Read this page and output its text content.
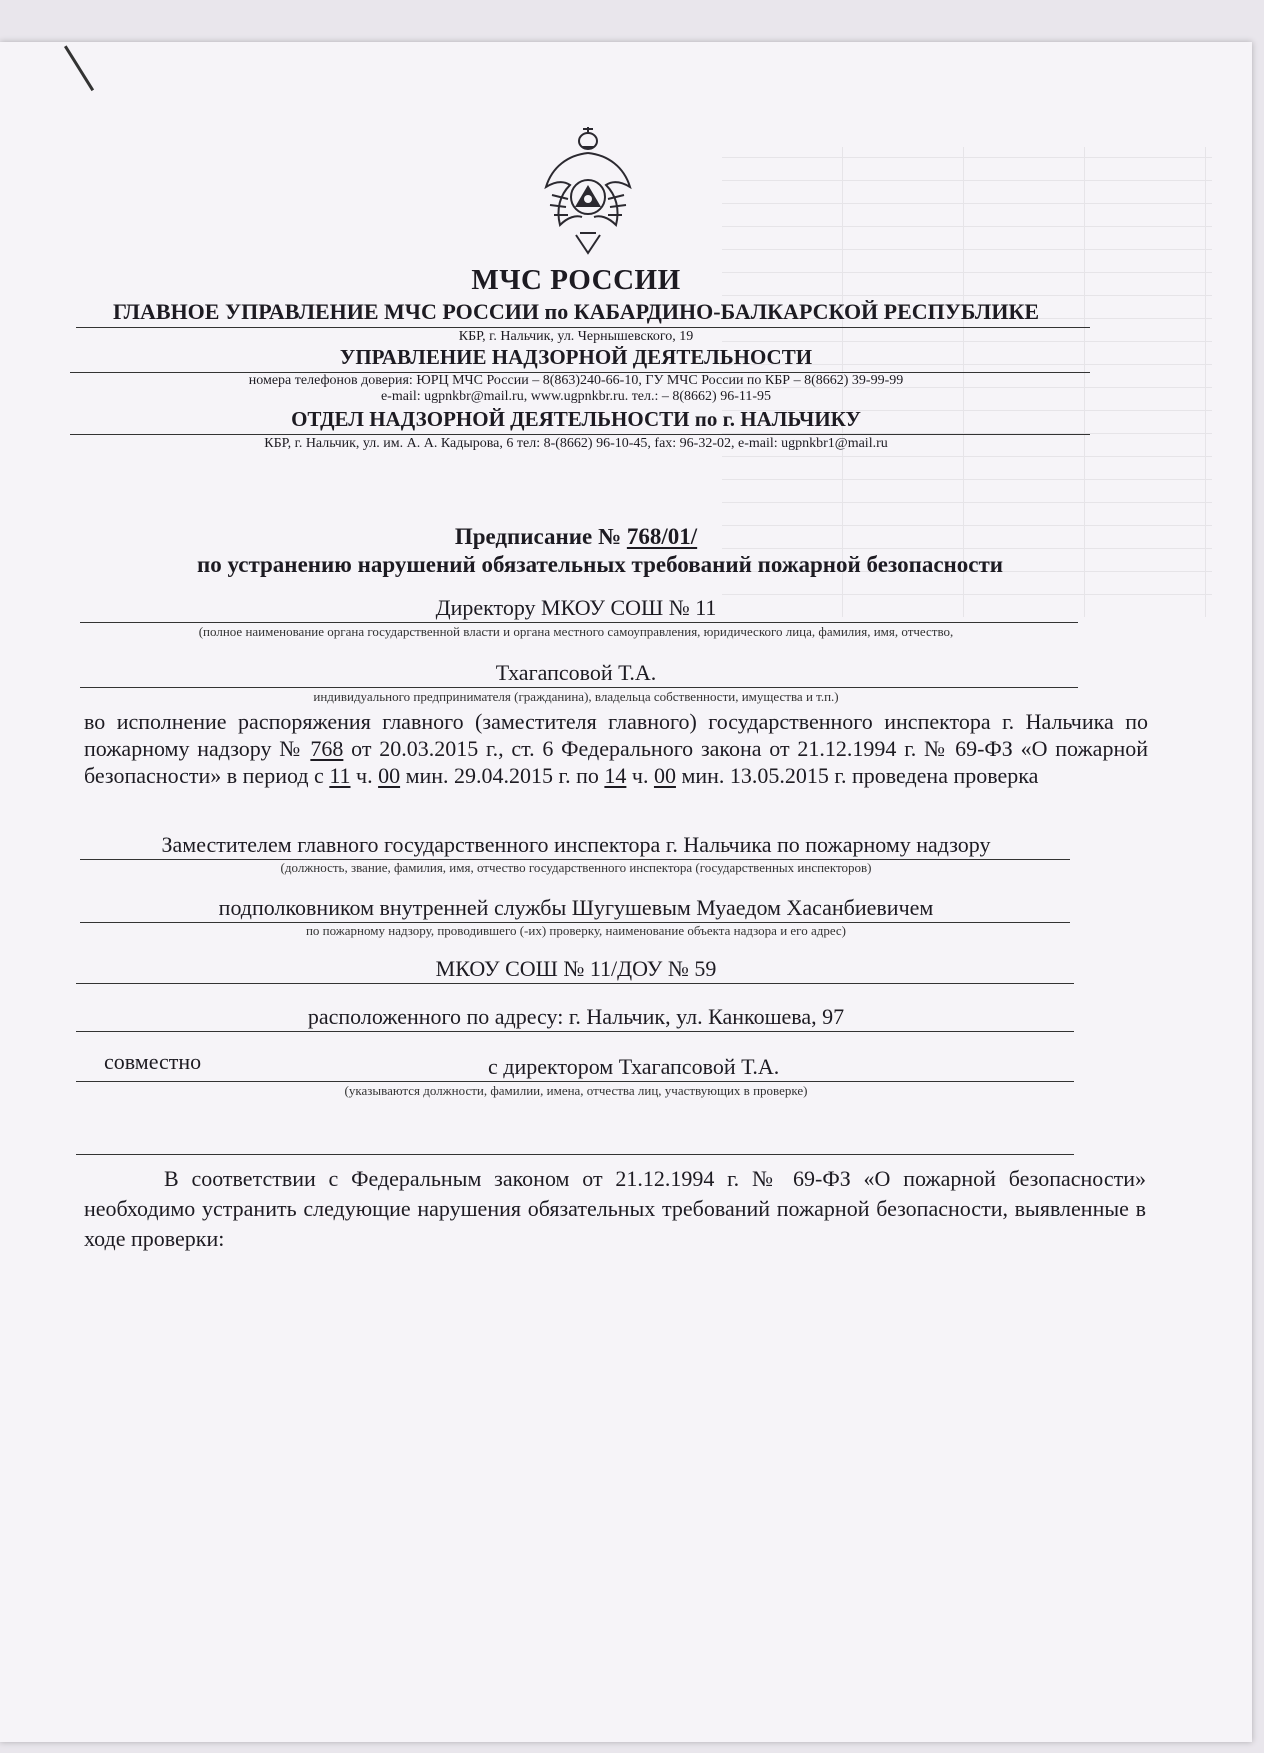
МЧС РОССИИ
ГЛАВНОЕ УПРАВЛЕНИЕ МЧС РОССИИ по КАБАРДИНО-БАЛКАРСКОЙ РЕСПУБЛИКЕ
КБР, г. Нальчик, ул. Чернышевского, 19
УПРАВЛЕНИЕ НАДЗОРНОЙ ДЕЯТЕЛЬНОСТИ
номера телефонов доверия: ЮРЦ МЧС России – 8(863)240-66-10, ГУ МЧС России по КБР – 8(8662) 39-99-99
e-mail: ugpnkbr@mail.ru, www.ugpnkbr.ru. тел.: – 8(8662) 96-11-95
ОТДЕЛ НАДЗОРНОЙ ДЕЯТЕЛЬНОСТИ по г. НАЛЬЧИКУ
КБР, г. Нальчик, ул. им. А. А. Кадырова, 6 тел: 8-(8662) 96-10-45, fax: 96-32-02, e-mail: ugpnkbr1@mail.ru
Предписание № 768/01/
по устранению нарушений обязательных требований пожарной безопасности
Директору МКОУ СОШ № 11
(полное наименование органа государственной власти и органа местного самоуправления, юридического лица, фамилия, имя, отчество,
Тхагапсовой Т.А.
индивидуального предпринимателя (гражданина), владельца собственности, имущества и т.п.)

во исполнение распоряжения главного (заместителя главного) государственного инспектора г. Нальчика по пожарному надзору № 768 от 20.03.2015 г., ст. 6 Федерального закона от 21.12.1994 г. № 69-ФЗ «О пожарной безопасности» в период с 11 ч. 00 мин. 29.04.2015 г. по 14 ч. 00 мин. 13.05.2015 г. проведена проверка

Заместителем главного государственного инспектора г. Нальчика по пожарному надзору
(должность, звание, фамилия, имя, отчество государственного инспектора (государственных инспекторов)
подполковником внутренней службы Шугушевым Муаедом Хасанбиевичем
по пожарному надзору, проводившего (-их) проверку, наименование объекта надзора и его адрес)
МКОУ СОШ № 11/ДОУ № 59
расположенного по адресу: г. Нальчик, ул. Канкошева, 97
совместно	с директором Тхагапсовой Т.А.
(указываются должности, фамилии, имена, отчества лиц, участвующих в проверке)

В соответствии с Федеральным законом от 21.12.1994 г. № 69-ФЗ «О пожарной безопасности» необходимо устранить следующие нарушения обязательных требований пожарной безопасности, выявленные в ходе проверки:
